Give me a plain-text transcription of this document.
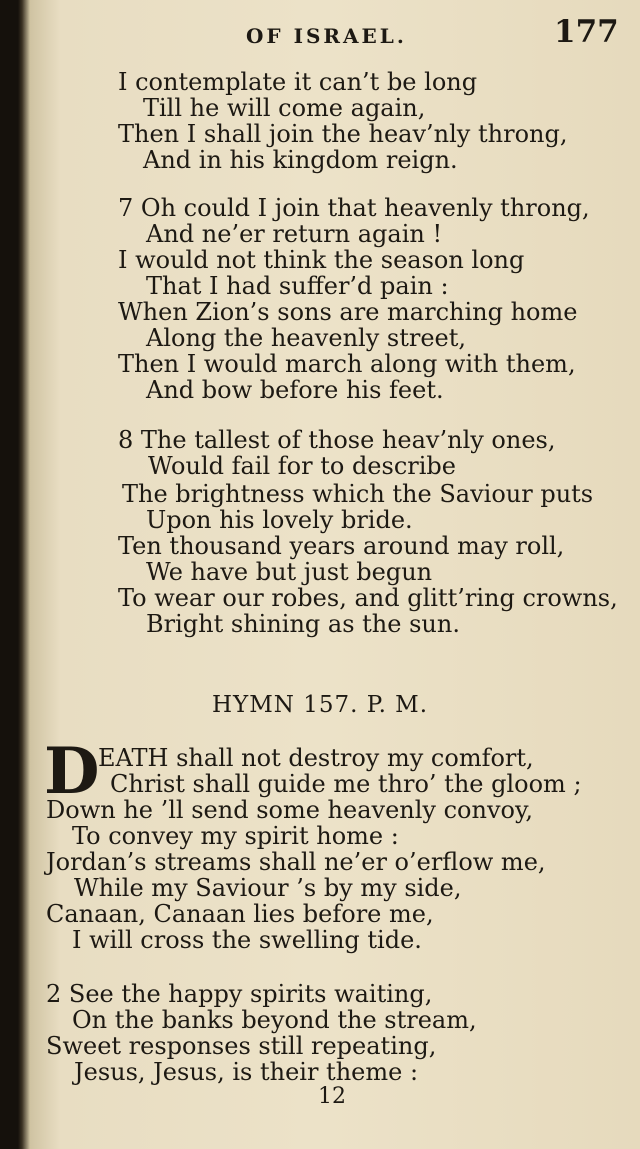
OF ISRAEL.	177
I contemplate it can’t be long
Till he will come again,
Then I shall join the heav’nly throng,
And in his kingdom reign.
7 Oh could I join that heavenly throng,
And ne’er return again !
I would not think the season long
That I had suffer’d pain :
When Zion’s sons are marching home
Along the heavenly street,
Then I would march along with them,
And bow before his feet.
8 The tallest of those heav’nly ones,
Would fail for to describe
The brightness which the Saviour puts
Upon his lovely bride.
Ten thousand years around may roll,
We have but just begun
To wear our robes, and glitt’ring crowns,
Bright shining as the sun.
HYMN 157. P. M.
D
EATH shall not destroy my comfort,
Christ shall guide me thro’ the gloom ;
Down he ’ll send some heavenly convoy,
To convey my spirit home :
Jordan’s streams shall ne’er o’erflow me,
While my Saviour ’s by my side,
Canaan, Canaan lies before me,
I will cross the swelling tide.
2 See the happy spirits waiting,
On the banks beyond the stream,
Sweet responses still repeating,
Jesus, Jesus, is their theme :
12
